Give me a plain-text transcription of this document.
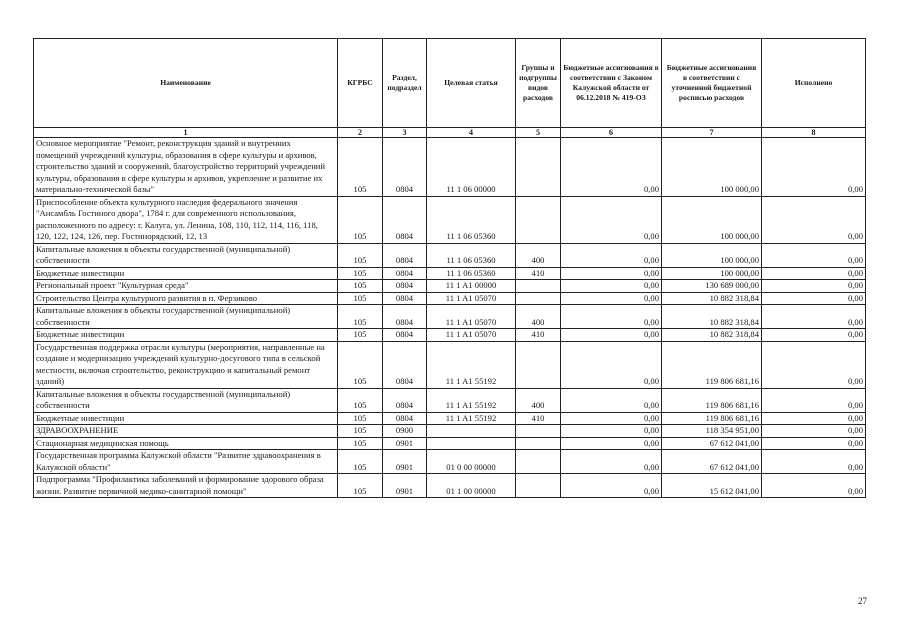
Наименование	КГРБС	Раздел, подраздел	Целевая статья	Группы и подгруппы видов расходов	Бюджетные ассигнования в соответствии с Законом Калужской области от 06.12.2018 № 419-ОЗ	Бюджетные ассигнования в соответствии с уточненной бюджетной росписью расходов	Исполнено
1	2	3	4	5	6	7	8
Основное мероприятие "Ремонт, реконструкция зданий и внутренних помещений учреждений культуры, образования в сфере культуры и архивов, строительство зданий и сооружений, благоустройство территорий учреждений культуры, образования в сфере культуры и архивов, укрепление и развитие их материально-технической базы"	105	0804	11 1 06 00000		0,00	100 000,00	0,00
Приспособление объекта культурного наследия федерального значения "Ансамбль Гостиного двора", 1784 г. для современного использования, расположенного по адресу: г. Калуга, ул. Ленина, 108, 110, 112, 114, 116, 118, 120, 122, 124, 126, пер. Гостинорядский, 12, 13	105	0804	11 1 06 05360		0,00	100 000,00	0,00
Капитальные вложения в объекты государственной (муниципальной) собственности	105	0804	11 1 06 05360	400	0,00	100 000,00	0,00
Бюджетные инвестиции	105	0804	11 1 06 05360	410	0,00	100 000,00	0,00
Региональный проект "Культурная среда"	105	0804	11 1 A1 00000		0,00	130 689 000,00	0,00
Строительство Центра культурного развития в п. Ферзиково	105	0804	11 1 A1 05070		0,00	10 882 318,84	0,00
Капитальные вложения в объекты государственной (муниципальной) собственности	105	0804	11 1 A1 05070	400	0,00	10 882 318,84	0,00
Бюджетные инвестиции	105	0804	11 1 A1 05070	410	0,00	10 882 318,84	0,00
Государственная поддержка отрасли культуры (мероприятия, направленные на создание и модернизацию учреждений культурно-досугового типа в сельской местности, включая строительство, реконструкцию и капитальный ремонт зданий)	105	0804	11 1 A1 55192		0,00	119 806 681,16	0,00
Капитальные вложения в объекты государственной (муниципальной) собственности	105	0804	11 1 A1 55192	400	0,00	119 806 681,16	0,00
Бюджетные инвестиции	105	0804	11 1 A1 55192	410	0,00	119 806 681,16	0,00
ЗДРАВООХРАНЕНИЕ	105	0900			0,00	118 354 951,00	0,00
Стационарная медицинская помощь	105	0901			0,00	67 612 041,00	0,00
Государственная программа Калужской области "Развитие здравоохранения в Калужской области"	105	0901	01 0 00 00000		0,00	67 612 041,00	0,00
Подпрограмма "Профилактика заболеваний и формирование здорового образа жизни. Развитие первичной медико-санитарной помощи"	105	0901	01 1 00 00000		0,00	15 612 041,00	0,00
27
